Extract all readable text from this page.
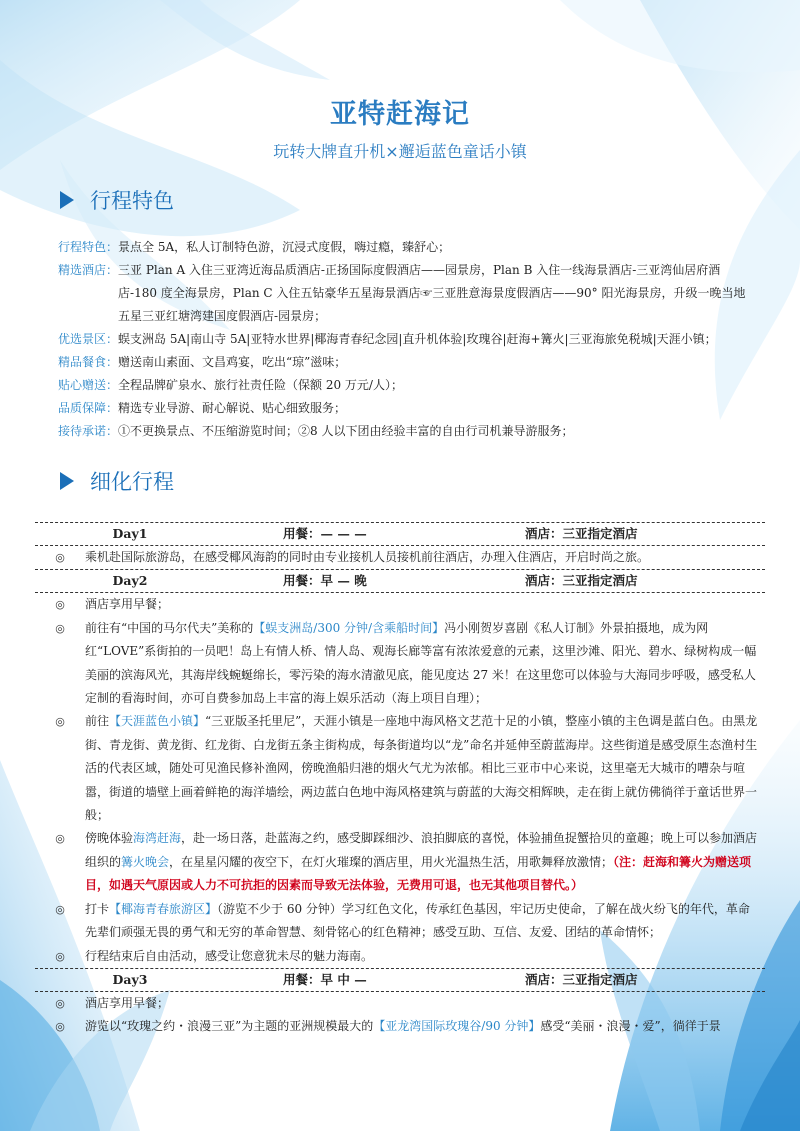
亚特赶海记
玩转大牌直升机×邂逅蓝色童话小镇
行程特色
行程特色： 景点全 5A，私人订制特色游，沉浸式度假，嗨过瘾，臻舒心；
精选酒店： 三亚 Plan A 入住三亚湾近海品质酒店-正扬国际度假酒店——园景房，Plan B 入住一线海景酒店-三亚湾仙居府酒店-180 度全海景房，Plan C 入住五钻豪华五星海景酒店☞三亚胜意海景度假酒店——90° 阳光海景房，升级一晚当地五星三亚红塘湾建国度假酒店-园景房；
优选景区： 蜈支洲岛 5A|南山寺 5A|亚特水世界|椰海青春纪念园|直升机体验|玫瑰谷|赶海+篝火|三亚海旅免税城|天涯小镇；
精品餐食： 赠送南山素面、文昌鸡宴，吃出“琼”滋味；
贴心赠送： 全程品牌矿泉水、旅行社责任险（保额 20 万元/人）；
品质保障： 精选专业导游、耐心解说、贴心细致服务；
接待承诺： ①不更换景点、不压缩游览时间；②8 人以下团由经验丰富的自由行司机兼导游服务；
细化行程
Day1	用餐：— — —	酒店：三亚指定酒店
◎	乘机赴国际旅游岛，在感受椰风海韵的同时由专业接机人员接机前往酒店，办理入住酒店，开启时尚之旅。
Day2	用餐：早 — 晚	酒店：三亚指定酒店
◎	酒店享用早餐；
◎	前往有“中国的马尔代夫”美称的【蜈支洲岛/300 分钟/含乘船时间】冯小刚贺岁喜剧《私人订制》外景拍摄地，成为网红“LOVE”系街拍的一员吧！岛上有情人桥、情人岛、观海长廊等富有浓浓爱意的元素，这里沙滩、阳光、碧水、绿树构成一幅美丽的滨海风光，其海岸线蜿蜒绵长，零污染的海水清澈见底，能见度达 27 米！在这里您可以体验与大海同步呼吸，感受私人定制的看海时间，亦可自费参加岛上丰富的海上娱乐活动（海上项目自理）；
◎	前往【天涯蓝色小镇】“三亚版圣托里尼”，天涯小镇是一座地中海风格文艺范十足的小镇，整座小镇的主色调是蓝白色。由黑龙街、青龙街、黄龙街、红龙街、白龙街五条主街构成，每条街道均以“龙”命名并延伸至蔚蓝海岸。这些街道是感受原生态渔村生活的代表区域，随处可见渔民修补渔网，傍晚渔船归港的烟火气尤为浓郁。相比三亚市中心来说，这里毫无大城市的嘈杂与喧嚣，街道的墙壁上画着鲜艳的海洋墙绘，两边蓝白色地中海风格建筑与蔚蓝的大海交相辉映，走在街上就仿佛徜徉于童话世界一般；
◎	傍晚体验海湾赶海，赴一场日落，赴蓝海之约，感受脚踩细沙、浪拍脚底的喜悦，体验捕鱼捉蟹拾贝的童趣；晚上可以参加酒店组织的篝火晚会，在星星闪耀的夜空下，在灯火璀璨的酒店里，用火光温热生活，用歌舞释放激情；（注：赶海和篝火为赠送项目，如遇天气原因或人力不可抗拒的因素而导致无法体验，无费用可退，也无其他项目替代。）
◎	打卡【椰海青春旅游区】（游览不少于 60 分钟）学习红色文化，传承红色基因，牢记历史使命，了解在战火纷飞的年代，革命先辈们顽强无畏的勇气和无穷的革命智慧、刻骨铭心的红色精神；感受互助、互信、友爱、团结的革命情怀；
◎	行程结束后自由活动，感受让您意犹未尽的魅力海南。
Day3	用餐：早 中 —	酒店：三亚指定酒店
◎	酒店享用早餐；
◎	游览以“玫瑰之约・浪漫三亚”为主题的亚洲规模最大的【亚龙湾国际玫瑰谷/90 分钟】感受“美丽・浪漫・爱”，徜徉于景
